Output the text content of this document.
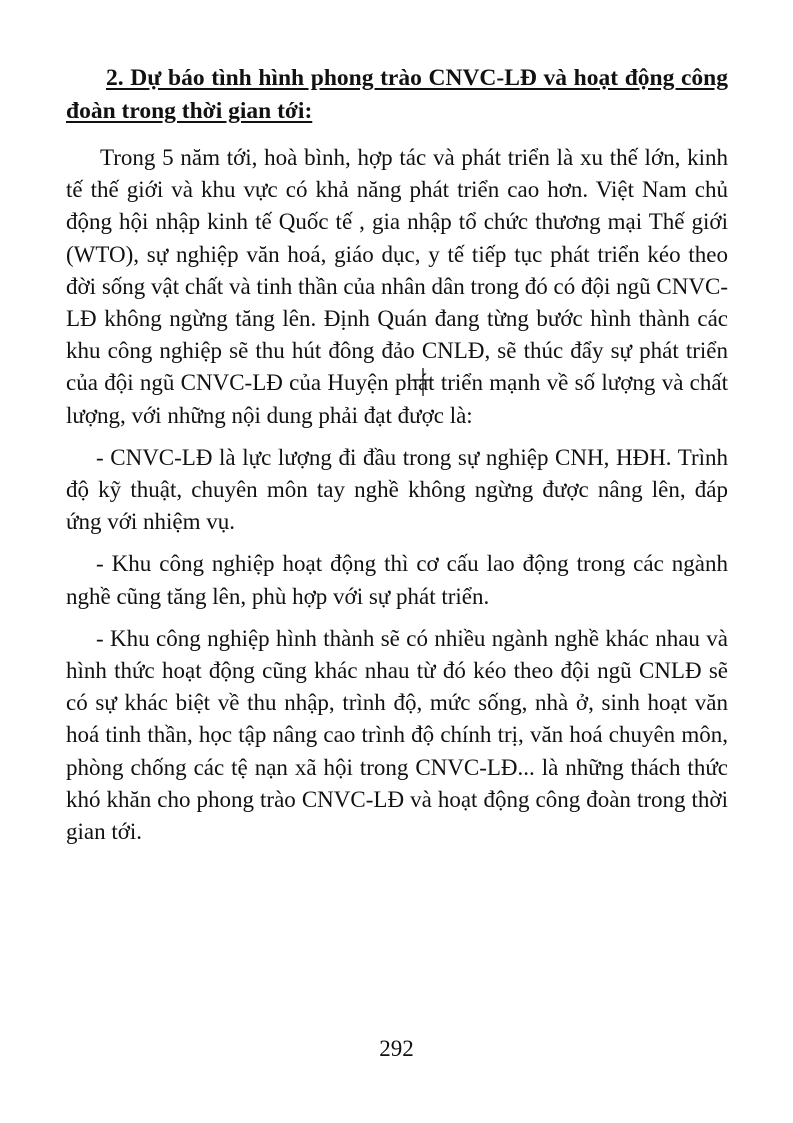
2. Dự báo tình hình phong trào CNVC-LĐ và hoạt động công đoàn trong thời gian tới:

Trong 5 năm tới, hoà bình, hợp tác và phát triển là xu thế lớn, kinh tế thế giới và khu vực có khả năng phát triển cao hơn. Việt Nam chủ động hội nhập kinh tế Quốc tế , gia nhập tổ chức thương mại Thế giới (WTO), sự nghiệp văn hoá, giáo dục, y tế tiếp tục phát triển kéo theo đời sống vật chất và tinh thần của nhân dân trong đó có đội ngũ CNVC-LĐ không ngừng tăng lên. Định Quán đang từng bước hình thành các khu công nghiệp sẽ thu hút đông đảo CNLĐ, sẽ thúc đẩy sự phát triển của đội ngũ CNVC-LĐ của Huyện phát triển mạnh về số lượng và chất lượng, với những nội dung phải đạt được là:

- CNVC-LĐ là lực lượng đi đầu trong sự nghiệp CNH, HĐH. Trình độ kỹ thuật, chuyên môn tay nghề không ngừng được nâng lên, đáp ứng với nhiệm vụ.

- Khu công nghiệp hoạt động thì cơ cấu lao động trong các ngành nghề cũng tăng lên, phù hợp với sự phát triển.

- Khu công nghiệp hình thành sẽ có nhiều ngành nghề khác nhau và hình thức hoạt động cũng khác nhau từ đó kéo theo đội ngũ CNLĐ sẽ có sự khác biệt về thu nhập, trình độ, mức sống, nhà ở, sinh hoạt văn hoá tinh thần, học tập nâng cao trình độ chính trị, văn hoá chuyên môn, phòng chống các tệ nạn xã hội trong CNVC-LĐ... là những thách thức khó khăn cho phong trào CNVC-LĐ và hoạt động công đoàn trong thời gian tới.

292
